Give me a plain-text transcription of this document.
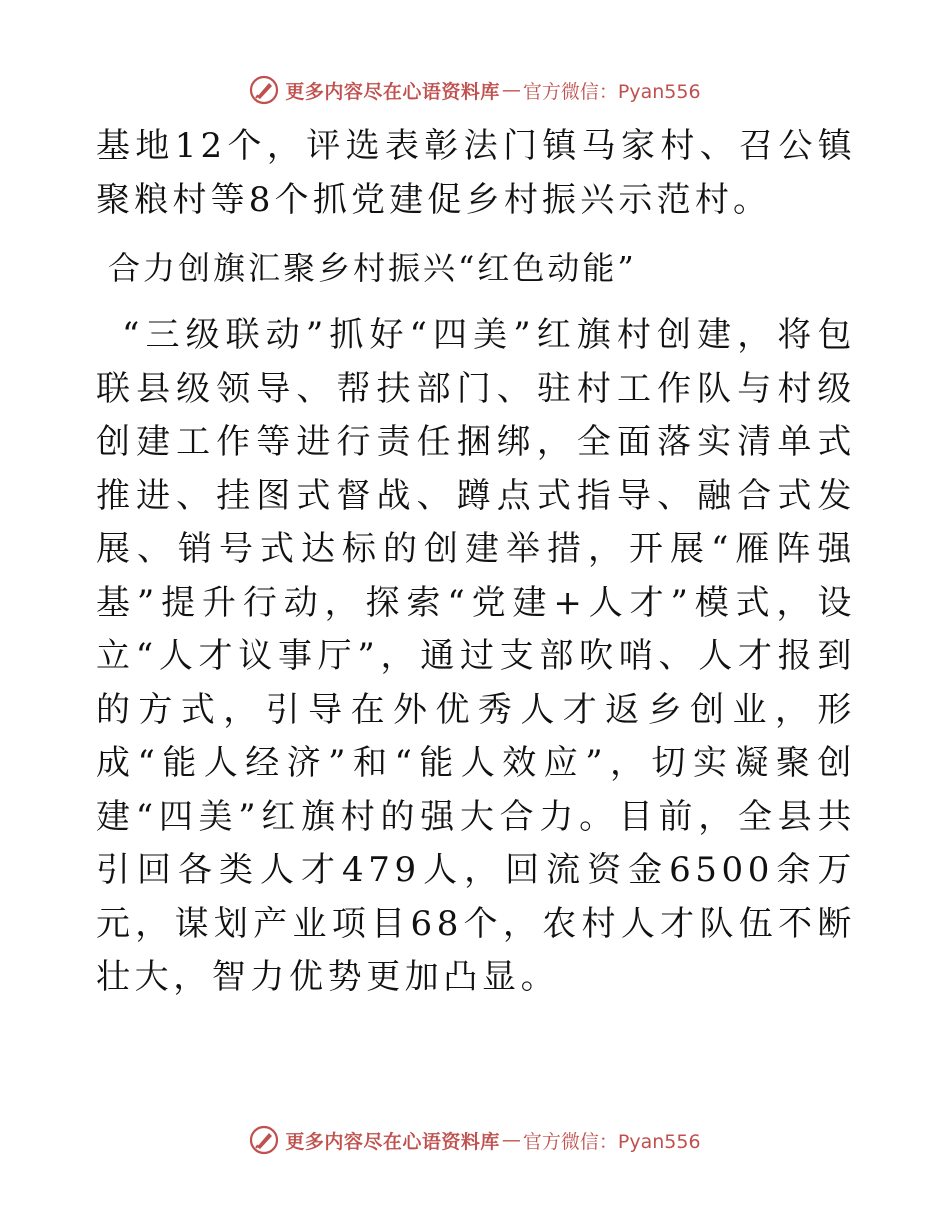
更多内容尽在心语资料库 — 官方微信：Pyan556

基地12个，评选表彰法门镇马家村、召公镇聚粮村等8个抓党建促乡村振兴示范村。

合力创旗汇聚乡村振兴“红色动能”

“三级联动”抓好“四美”红旗村创建，将包联县级领导、帮扶部门、驻村工作队与村级创建工作等进行责任捆绑，全面落实清单式推进、挂图式督战、蹲点式指导、融合式发展、销号式达标的创建举措，开展“雁阵强基”提升行动，探索“党建+人才”模式，设立“人才议事厅”，通过支部吹哨、人才报到的方式，引导在外优秀人才返乡创业，形成“能人经济”和“能人效应”，切实凝聚创建“四美”红旗村的强大合力。目前，全县共引回各类人才479人，回流资金6500余万元，谋划产业项目68个，农村人才队伍不断壮大，智力优势更加凸显。

更多内容尽在心语资料库 — 官方微信：Pyan556
